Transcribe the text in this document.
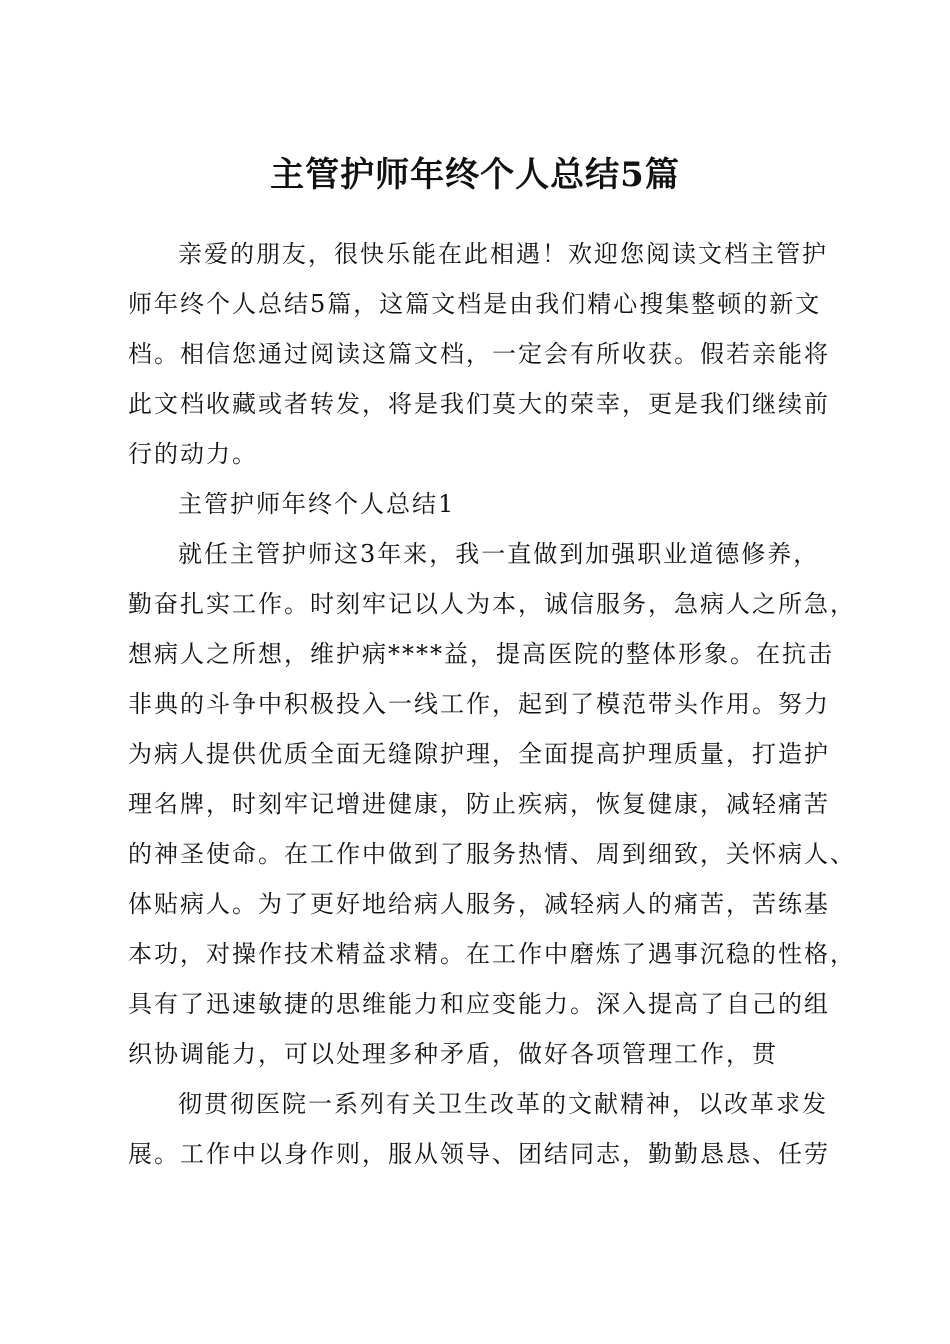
主管护师年终个人总结5篇
亲爱的朋友，很快乐能在此相遇！欢迎您阅读文档主管护
师年终个人总结5篇，这篇文档是由我们精心搜集整顿的新文
档。相信您通过阅读这篇文档，一定会有所收获。假若亲能将
此文档收藏或者转发，将是我们莫大的荣幸，更是我们继续前
行的动力。
主管护师年终个人总结1
就任主管护师这3年来，我一直做到加强职业道德修养，
勤奋扎实工作。时刻牢记以人为本，诚信服务，急病人之所急，
想病人之所想，维护病****益，提高医院的整体形象。在抗击
非典的斗争中积极投入一线工作，起到了模范带头作用。努力
为病人提供优质全面无缝隙护理，全面提高护理质量，打造护
理名牌，时刻牢记增进健康，防止疾病，恢复健康，减轻痛苦
的神圣使命。在工作中做到了服务热情、周到细致，关怀病人、
体贴病人。为了更好地给病人服务，减轻病人的痛苦，苦练基
本功，对操作技术精益求精。在工作中磨炼了遇事沉稳的性格，
具有了迅速敏捷的思维能力和应变能力。深入提高了自己的组
织协调能力，可以处理多种矛盾，做好各项管理工作，贯
彻贯彻医院一系列有关卫生改革的文献精神，以改革求发
展。工作中以身作则，服从领导、团结同志，勤勤恳恳、任劳
